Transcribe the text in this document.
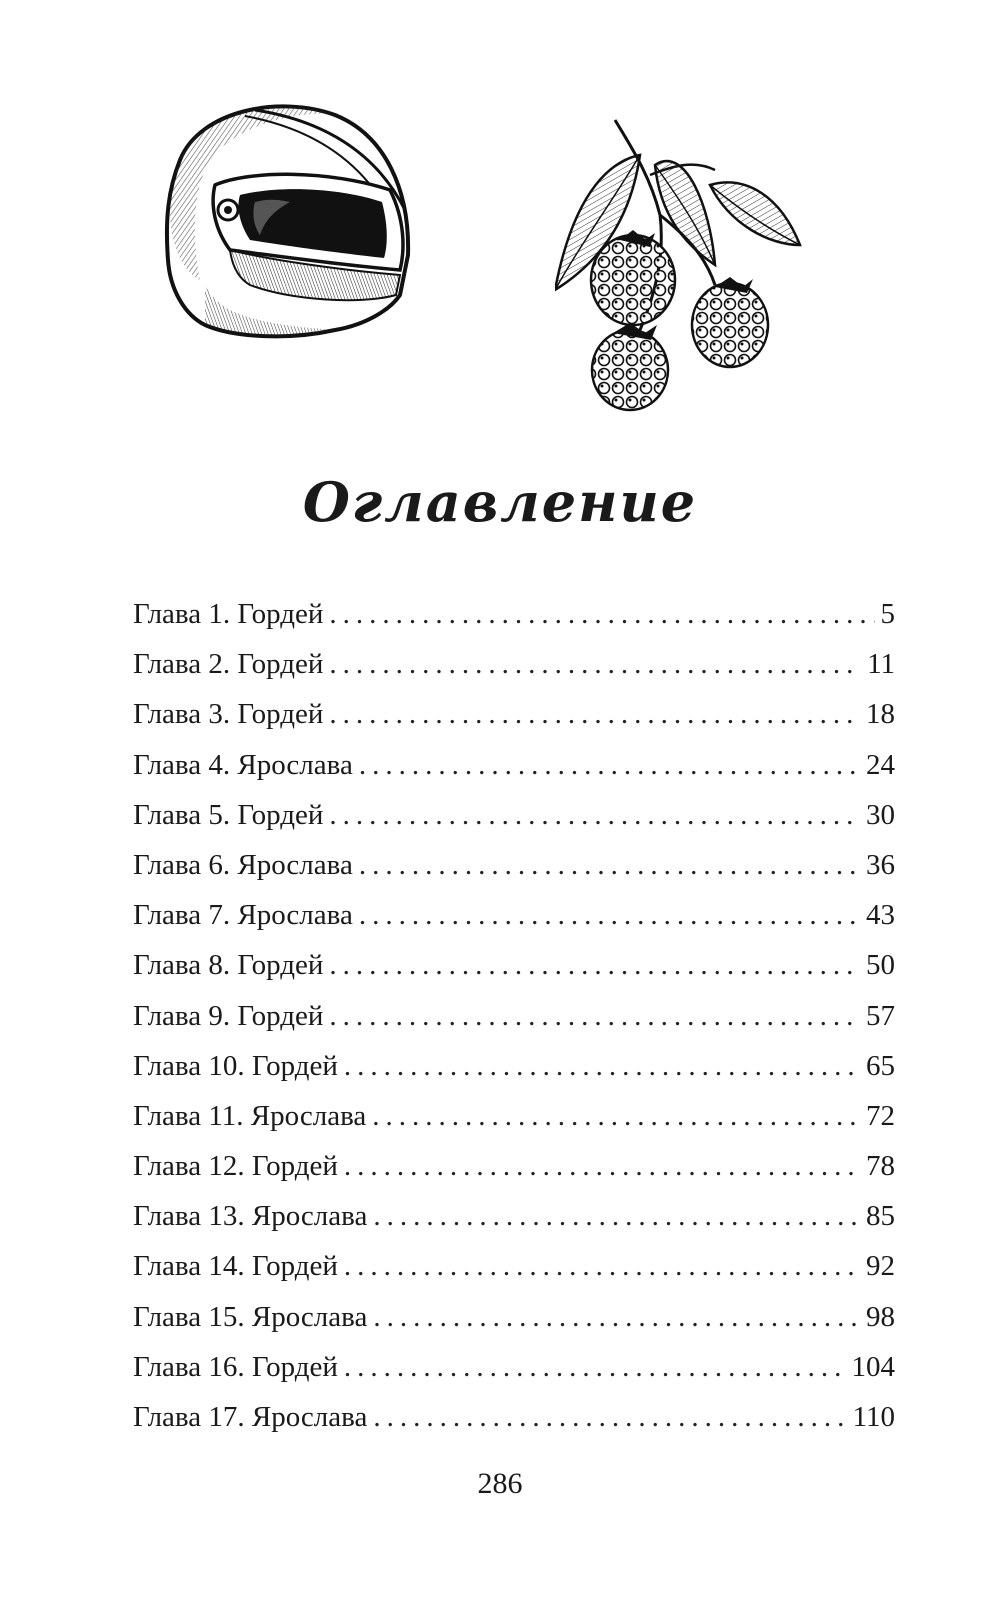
Оглавление
Глава 1. Гордей .....	5
Глава 2. Гордей .....	11
Глава 3. Гордей .....	18
Глава 4. Ярослава .....	24
Глава 5. Гордей .....	30
Глава 6. Ярослава .....	36
Глава 7. Ярослава .....	43
Глава 8. Гордей .....	50
Глава 9. Гордей .....	57
Глава 10. Гордей .....	65
Глава 11. Ярослава .....	72
Глава 12. Гордей .....	78
Глава 13. Ярослава .....	85
Глава 14. Гордей .....	92
Глава 15. Ярослава .....	98
Глава 16. Гордей .....	104
Глава 17. Ярослава .....	110
286
